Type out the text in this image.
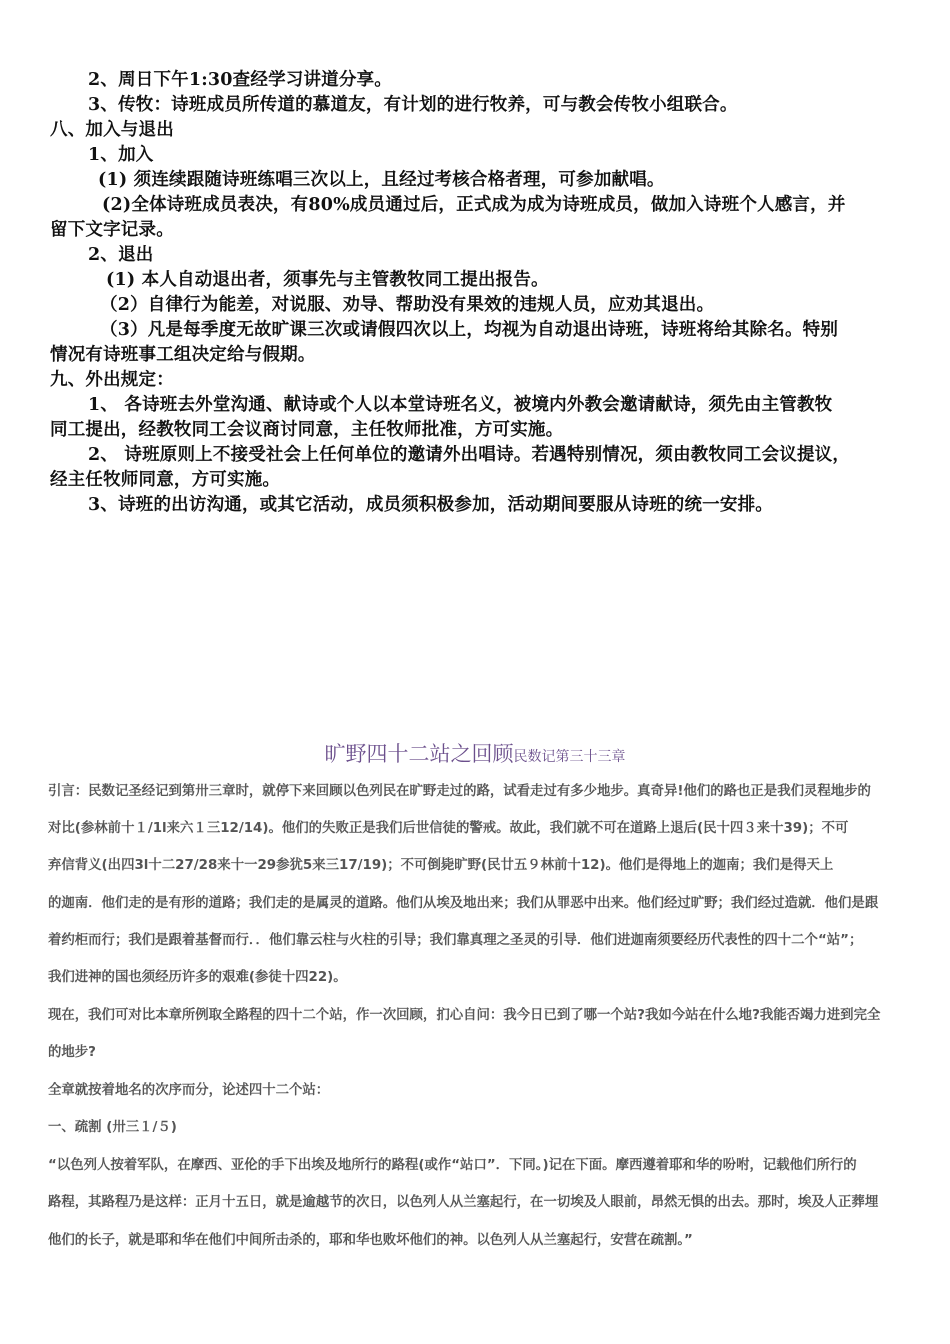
2、周日下午1:30查经学习讲道分享。
3、传牧：诗班成员所传道的慕道友，有计划的进行牧养，可与教会传牧小组联合。
八、加入与退出
1、加入
(1) 须连续跟随诗班练唱三次以上，且经过考核合格者理，可参加献唱。
(2)全体诗班成员表决，有80%成员通过后，正式成为成为诗班成员，做加入诗班个人感言，并
留下文字记录。
2、退出
(1) 本人自动退出者，须事先与主管教牧同工提出报告。
（2）自律行为能差，对说服、劝导、帮助没有果效的违规人员，应劝其退出。
（3）凡是每季度无故旷课三次或请假四次以上，均视为自动退出诗班，诗班将给其除名。特别
情况有诗班事工组决定给与假期。
九、外出规定：
1、 各诗班去外堂沟通、献诗或个人以本堂诗班名义，被境内外教会邀请献诗，须先由主管教牧
同工提出，经教牧同工会议商讨同意，主任牧师批准，方可实施。
2、 诗班原则上不接受社会上任何单位的邀请外出唱诗。若遇特别情况，须由教牧同工会议提议，
经主任牧师同意，方可实施。
3、诗班的出访沟通，或其它活动，成员须积极参加，活动期间要服从诗班的统一安排。
旷野四十二站之回顾民数记第三十三章
引言：民数记圣经记到第卅三章时，就停下来回顾以色列民在旷野走过的路，试看走过有多少地步。真奇异!他们的路也正是我们灵程地步的
对比(参林前十１/1l来六１三12/14)。他们的失败正是我们后世信徒的警戒。故此，我们就不可在道路上退后(民十四３来十39)；不可
弃信背义(出四3l十二27/28来十一29参犹5来三17/19)；不可倒毙旷野(民廿五９林前十12)。他们是得地上的迦南；我们是得天上
的迦南．他们走的是有形的道路；我们走的是属灵的道路。他们从埃及地出来；我们从罪恶中出来。他们经过旷野；我们经过造就．他们是跟
着约柜而行；我们是跟着基督而行．．他们靠云柱与火柱的引导；我们靠真理之圣灵的引导．他们进迦南须要经历代表性的四十二个“站”；
我们进神的国也须经历许多的艰难(参徒十四22)。
现在，我们可对比本章所例取全路程的四十二个站，作一次回顾，扪心自问：我今日已到了哪一个站?我如今站在什么地?我能否竭力进到完全
的地步?
全章就按着地名的次序而分，论述四十二个站：
一、疏割 (卅三１/５)
“以色列人按着军队，在摩西、亚伦的手下出埃及地所行的路程(或作“站口”．下同。)记在下面。摩西遵着耶和华的吩咐，记载他们所行的
路程，其路程乃是这样：正月十五日，就是逾越节的次日，以色列人从兰塞起行，在一切埃及人眼前，昂然无惧的出去。那时，埃及人正葬埋
他们的长子，就是耶和华在他们中间所击杀的，耶和华也败坏他们的神。以色列人从兰塞起行，安营在疏割。”
